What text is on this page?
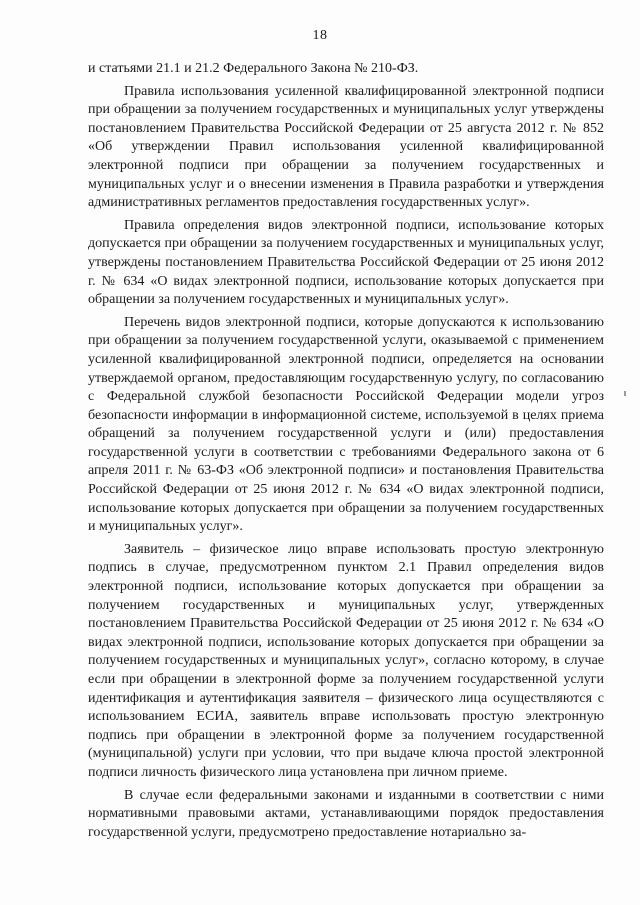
18

и статьями 21.1 и 21.2 Федерального Закона № 210-ФЗ.

Правила использования усиленной квалифицированной электронной подписи при обращении за получением государственных и муниципальных услуг утверждены постановлением Правительства Российской Федерации от 25 августа 2012 г. № 852 «Об утверждении Правил использования усиленной квалифицированной электронной подписи при обращении за получением государственных и муниципальных услуг и о внесении изменения в Правила разработки и утверждения административных регламентов предоставления государственных услуг».

Правила определения видов электронной подписи, использование которых допускается при обращении за получением государственных и муниципальных услуг, утверждены постановлением Правительства Российской Федерации от 25 июня 2012 г. № 634 «О видах электронной подписи, использование которых допускается при обращении за получением государственных и муниципальных услуг».

Перечень видов электронной подписи, которые допускаются к использованию при обращении за получением государственной услуги, оказываемой с применением усиленной квалифицированной электронной подписи, определяется на основании утверждаемой органом, предоставляющим государственную услугу, по согласованию с Федеральной службой безопасности Российской Федерации модели угроз безопасности информации в информационной системе, используемой в целях приема обращений за получением государственной услуги и (или) предоставления государственной услуги в соответствии с требованиями Федерального закона от 6 апреля 2011 г. № 63-ФЗ «Об электронной подписи» и постановления Правительства Российской Федерации от 25 июня 2012 г. № 634 «О видах электронной подписи, использование которых допускается при обращении за получением государственных и муниципальных услуг».

Заявитель – физическое лицо вправе использовать простую электронную подпись в случае, предусмотренном пунктом 2.1 Правил определения видов электронной подписи, использование которых допускается при обращении за получением государственных и муниципальных услуг, утвержденных постановлением Правительства Российской Федерации от 25 июня 2012 г. № 634 «О видах электронной подписи, использование которых допускается при обращении за получением государственных и муниципальных услуг», согласно которому, в случае если при обращении в электронной форме за получением государственной услуги идентификация и аутентификация заявителя – физического лица осуществляются с использованием ЕСИА, заявитель вправе использовать простую электронную подпись при обращении в электронной форме за получением государственной (муниципальной) услуги при условии, что при выдаче ключа простой электронной подписи личность физического лица установлена при личном приеме.

В случае если федеральными законами и изданными в соответствии с ними нормативными правовыми актами, устанавливающими порядок предоставления государственной услуги, предусмотрено предоставление нотариально за-
